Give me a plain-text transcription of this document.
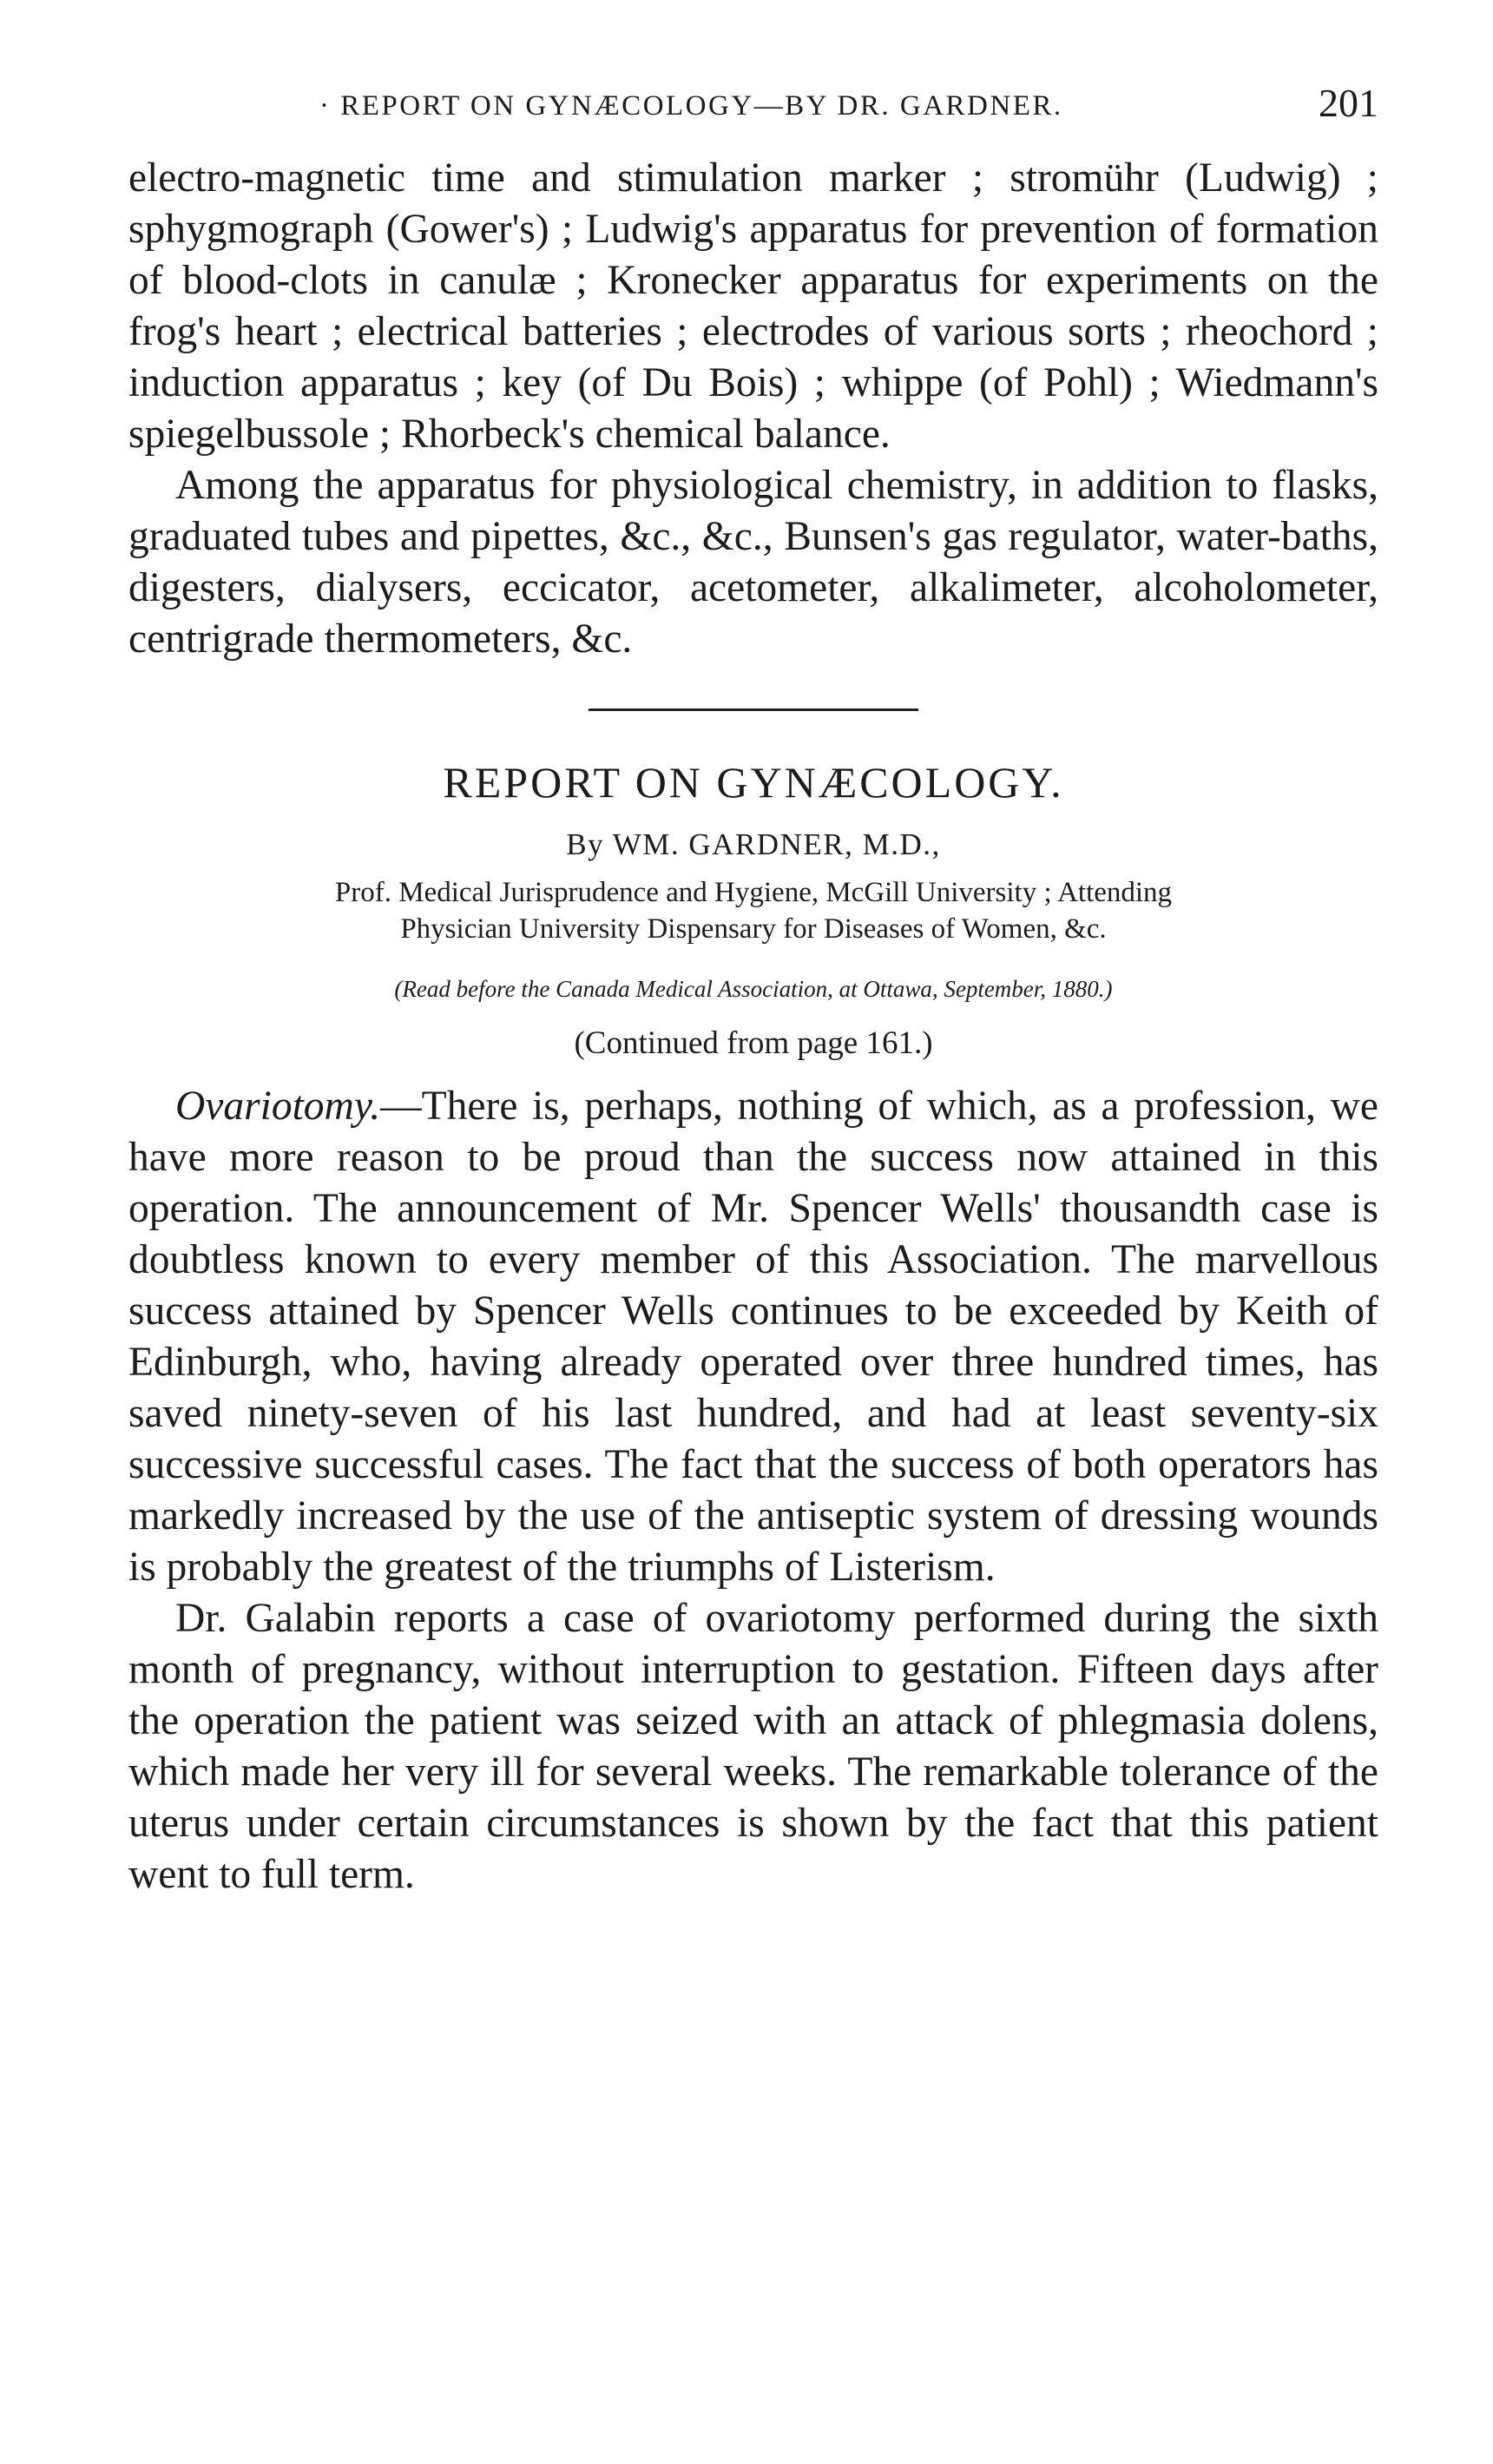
· REPORT ON GYNÆCOLOGY—BY DR. GARDNER.	201

electro-magnetic time and stimulation marker ; stromühr (Ludwig) ; sphygmograph (Gower's) ; Ludwig's apparatus for prevention of formation of blood-clots in canulæ ; Kronecker apparatus for experiments on the frog's heart ; electrical batteries ; electrodes of various sorts ; rheochord ; induction apparatus ; key (of Du Bois) ; whippe (of Pohl) ; Wiedmann's spiegelbussole ; Rhorbeck's chemical balance.

Among the apparatus for physiological chemistry, in addition to flasks, graduated tubes and pipettes, &c., &c., Bunsen's gas regulator, water-baths, digesters, dialysers, eccicator, acetometer, alkalimeter, alcoholometer, centrigrade thermometers, &c.

REPORT ON GYNÆCOLOGY.
By WM. GARDNER, M.D.,
Prof. Medical Jurisprudence and Hygiene, McGill University ; Attending
Physician University Dispensary for Diseases of Women, &c.
(Read before the Canada Medical Association, at Ottawa, September, 1880.)
(Continued from page 161.)

Ovariotomy.—There is, perhaps, nothing of which, as a profession, we have more reason to be proud than the success now attained in this operation. The announcement of Mr. Spencer Wells' thousandth case is doubtless known to every member of this Association. The marvellous success attained by Spencer Wells continues to be exceeded by Keith of Edinburgh, who, having already operated over three hundred times, has saved ninety-seven of his last hundred, and had at least seventy-six successive successful cases. The fact that the success of both operators has markedly increased by the use of the antiseptic system of dressing wounds is probably the greatest of the triumphs of Listerism.

Dr. Galabin reports a case of ovariotomy performed during the sixth month of pregnancy, without interruption to gestation. Fifteen days after the operation the patient was seized with an attack of phlegmasia dolens, which made her very ill for several weeks. The remarkable tolerance of the uterus under certain circumstances is shown by the fact that this patient went to full term.
